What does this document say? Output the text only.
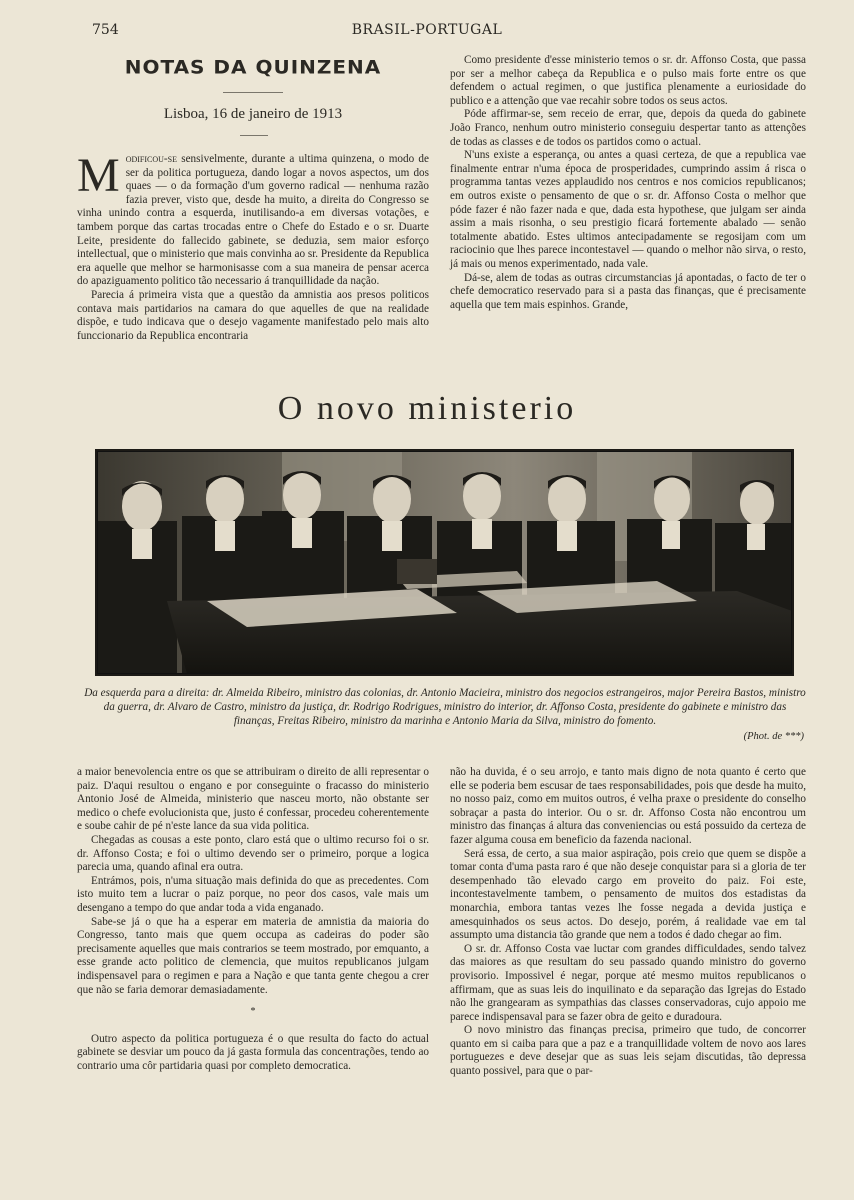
754	BRASIL-PORTUGAL
NOTAS DA QUINZENA
Lisboa, 16 de janeiro de 1913

Modificou-se sensivelmente, durante a ultima quinzena, o modo de ser da politica portugueza, dando logar a novos aspectos, um dos quaes — o da formação d'um governo radical — nenhuma razão fazia prever, visto que, desde ha muito, a direita do Congresso se vinha unindo contra a esquerda, inutilisando-a em diversas votações, e tambem porque das cartas trocadas entre o Chefe do Estado e o sr. Duarte Leite, presidente do fallecido gabinete, se deduzia, sem maior esforço intellectual, que o ministerio que mais convinha ao sr. Presidente da Republica era aquelle que melhor se harmonisasse com a sua maneira de pensar acerca do apaziguamento politico tão necessario á tranquillidade da nação.

Parecia á primeira vista que a questão da amnistia aos presos politicos contava mais partidarios na camara do que aquelles de que na realidade dispõe, e tudo indicava que o desejo vagamente manifestado pelo mais alto funccionario da Republica encontraria

Como presidente d'esse ministerio temos o sr. dr. Affonso Costa, que passa por ser a melhor cabeça da Republica e o pulso mais forte entre os que defendem o actual regimen, o que justifica plenamente a euriosidade do publico e a attenção que vae recahir sobre todos os seus actos.

Póde affirmar-se, sem receio de errar, que, depois da queda do gabinete João Franco, nenhum outro ministerio conseguiu despertar tanto as attenções de todas as classes e de todos os partidos como o actual.

N'uns existe a esperança, ou antes a quasi certeza, de que a republica vae finalmente entrar n'uma época de prosperidades, cumprindo assim á risca o programma tantas vezes applaudido nos centros e nos comicios republicanos; em outros existe o pensamento de que o sr. dr. Affonso Costa o melhor que póde fazer é não fazer nada e que, dada esta hypothese, que julgam ser ainda assim a mais risonha, o seu prestigio ficará fortemente abalado — senão totalmente abatido. Estes ultimos antecipadamente se regosijam com um raciocinio que lhes parece incontestavel — quando o melhor não sirva, o resto, já mais ou menos experimentado, nada vale.

Dá-se, alem de todas as outras circumstancias já apontadas, o facto de ter o chefe democratico reservado para si a pasta das finanças, que é precisamente aquella que tem mais espinhos. Grande,

O novo ministerio
Da esquerda para a direita: dr. Almeida Ribeiro, ministro das colonias, dr. Antonio Macieira, ministro dos negocios estrangeiros, major Pereira Bastos, ministro da guerra, dr. Alvaro de Castro, ministro da justiça, dr. Rodrigo Rodrigues, ministro do interior, dr. Affonso Costa, presidente do gabinete e ministro das finanças, Freitas Ribeiro, ministro da marinha e Antonio Maria da Silva, ministro do fomento.
(Phot. de ***)

a maior benevolencia entre os que se attribuiram o direito de alli representar o paiz. D'aqui resultou o engano e por conseguinte o fracasso do ministerio Antonio José de Almeida, ministerio que nasceu morto, não obstante ser medico o chefe evolucionista que, justo é confessar, procedeu coherentemente e soube cahir de pé n'este lance da sua vida politica.

Chegadas as cousas a este ponto, claro está que o ultimo recurso foi o sr. dr. Affonso Costa; e foi o ultimo devendo ser o primeiro, porque a logica parecia uma, quando afinal era outra.

Entrámos, pois, n'uma situação mais definida do que as precedentes. Com isto muito tem a lucrar o paiz porque, no peor dos casos, vale mais um desengano a tempo do que andar toda a vida enganado.

Sabe-se já o que ha a esperar em materia de amnistia da maioria do Congresso, tanto mais que quem occupa as cadeiras do poder são precisamente aquelles que mais contrarios se teem mostrado, por emquanto, a esse grande acto politico de clemencia, que muitos republicanos julgam indispensavel para o regimen e para a Nação e que tanta gente chegou a crer que não se faria demorar demasiadamente.

*

Outro aspecto da politica portugueza é o que resulta do facto do actual gabinete se desviar um pouco da já gasta formula das concentrações, tendo ao contrario uma côr partidaria quasi por completo democratica.

não ha duvida, é o seu arrojo, e tanto mais digno de nota quanto é certo que elle se poderia bem escusar de taes responsabilidades, pois que desde ha muito, no nosso paiz, como em muitos outros, é velha praxe o presidente do conselho sobraçar a pasta do interior. Ou o sr. dr. Affonso Costa não encontrou um ministro das finanças á altura das conveniencias ou está possuido da certeza de fazer alguma cousa em beneficio da fazenda nacional.

Será essa, de certo, a sua maior aspiração, pois creio que quem se dispõe a tomar conta d'uma pasta raro é que não deseje conquistar para si a gloria de ter desempenhado tão elevado cargo em proveito do paiz. Foi este, incontestavelmente tambem, o pensamento de muitos dos estadistas da monarchia, embora tantas vezes lhe fosse negada a devida justiça e amesquinhados os seus actos. Do desejo, porém, á realidade vae em tal assumpto uma distancia tão grande que nem a todos é dado chegar ao fim.

O sr. dr. Affonso Costa vae luctar com grandes difficuldades, sendo talvez das maiores as que resultam do seu passado quando ministro do governo provisorio. Impossivel é negar, porque até mesmo muitos republicanos o affirmam, que as suas leis do inquilinato e da separação das Igrejas do Estado não lhe grangearam as sympathias das classes conservadoras, cujo appoio me parece indispensaval para se fazer obra de geito e duradoura.

O novo ministro das finanças precisa, primeiro que tudo, de concorrer quanto em si caiba para que a paz e a tranquillidade voltem de novo aos lares portuguezes e deve desejar que as suas leis sejam discutidas, tão depressa quanto possivel, para que o par-
